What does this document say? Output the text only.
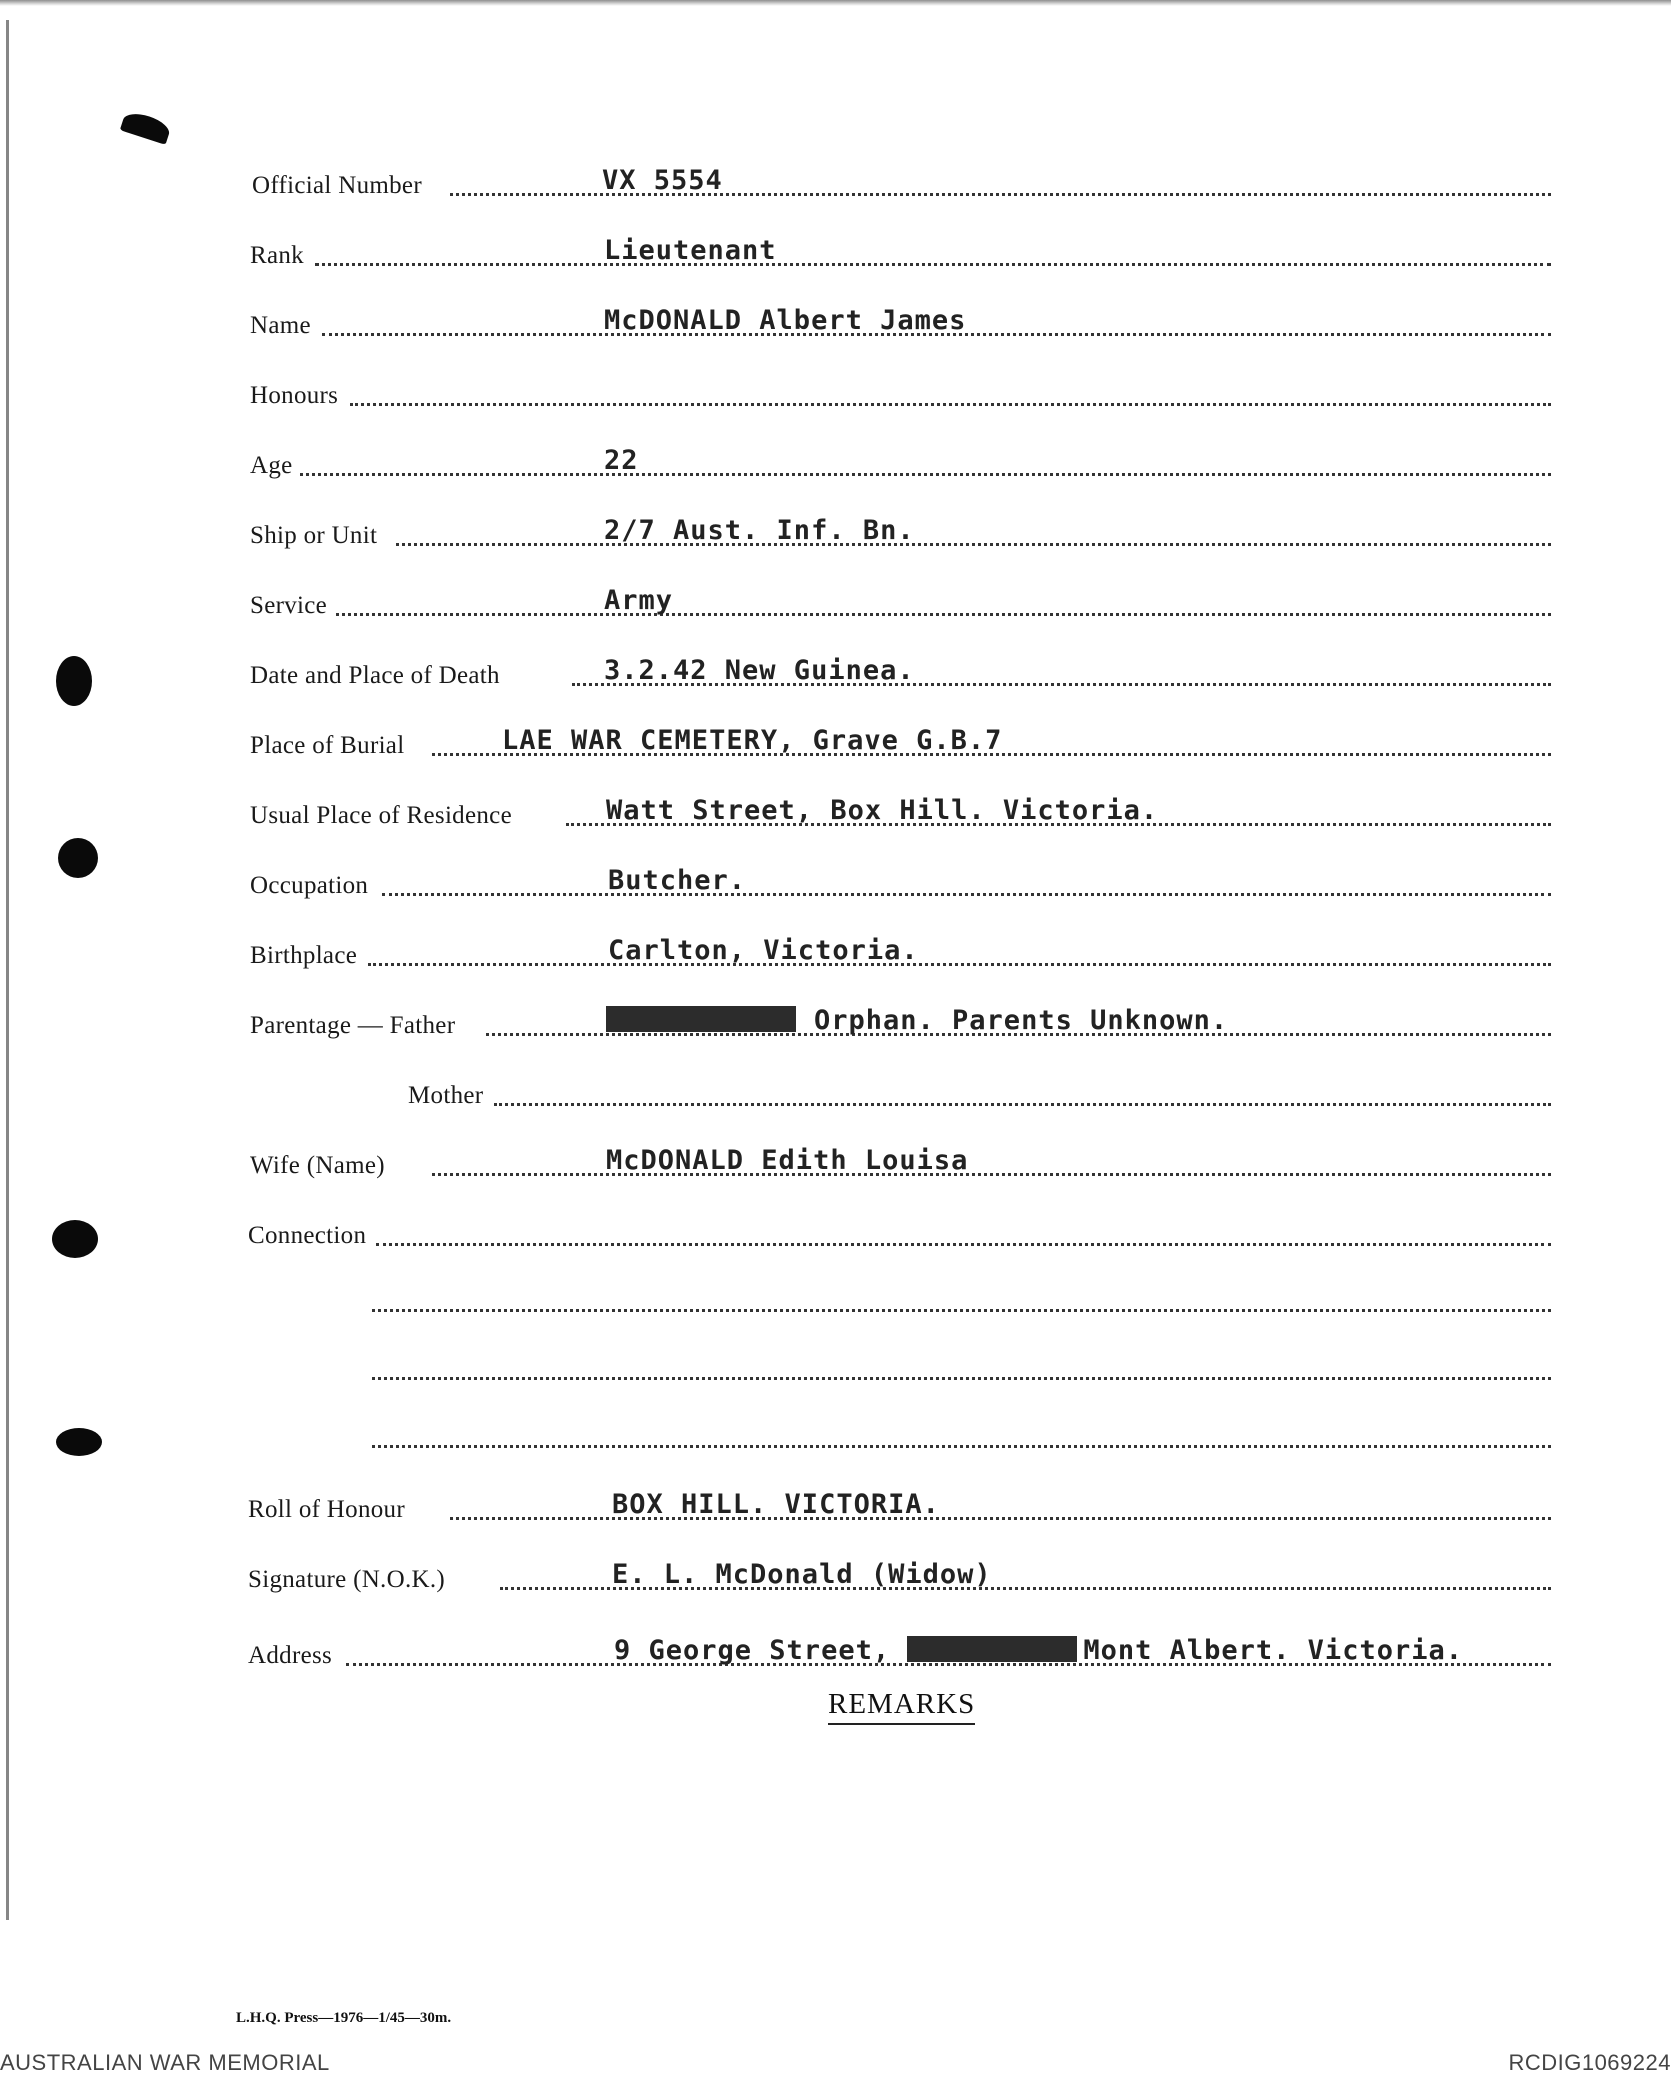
Official Number	VX 5554
Rank	Lieutenant
Name	McDONALD Albert James
Honours
Age	22
Ship or Unit	2/7 Aust. Inf. Bn.
Service	Army
Date and Place of Death	3.2.42 New Guinea.
Place of Burial	LAE WAR CEMETERY, Grave G.B.7
Usual Place of Residence	Watt Street, Box Hill. Victoria.
Occupation	Butcher.
Birthplace	Carlton, Victoria.
Parentage — Father	Orphan. Parents Unknown.
Mother
Wife (Name)	McDONALD Edith Louisa
Connection
Roll of Honour	BOX HILL. VICTORIA.
Signature (N.O.K.)	E. L. McDonald (Widow)
Address	9 George Street,	Mont Albert. Victoria.
REMARKS
L.H.Q. Press—1976—1/45—30m.
AUSTRALIAN WAR MEMORIAL	RCDIG1069224
